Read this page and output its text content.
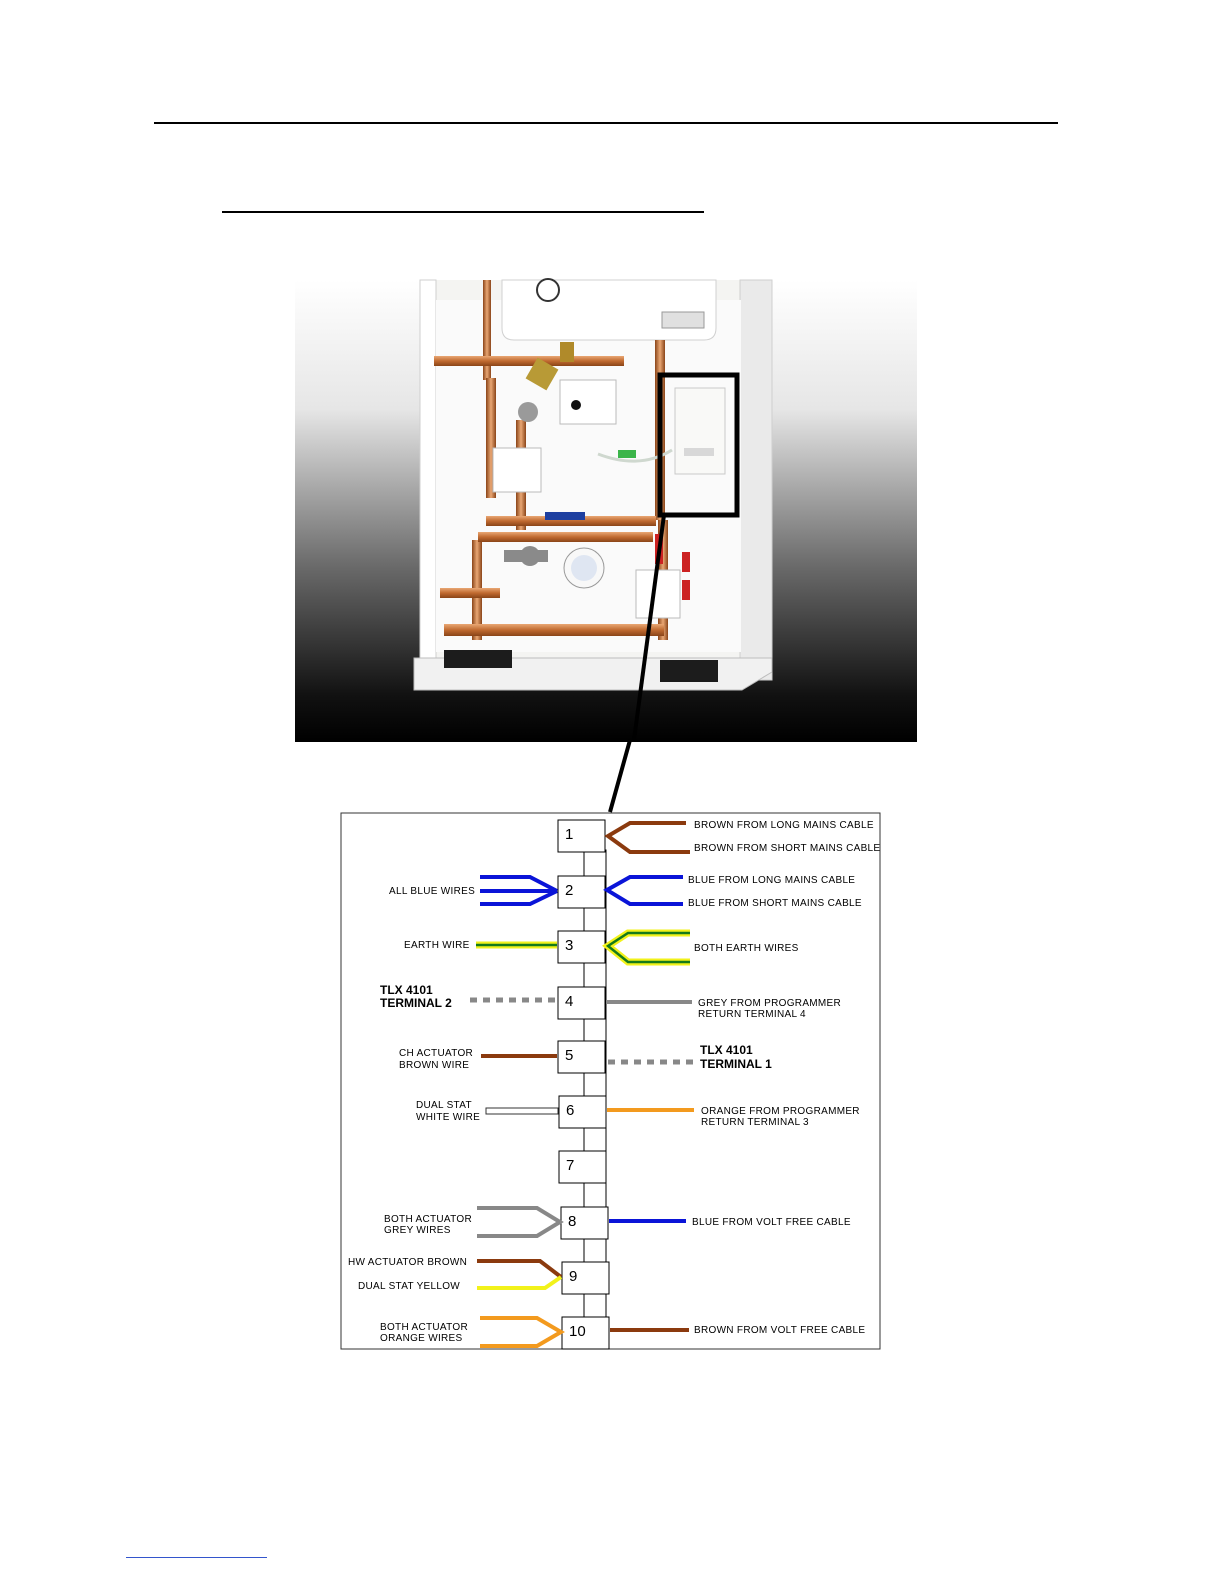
1
2
3
4
5
6
7
8
9
10
BROWN FROM LONG MAINS CABLE
BROWN FROM SHORT MAINS CABLE
ALL BLUE WIRES
BLUE FROM LONG MAINS CABLE
BLUE FROM SHORT MAINS CABLE
EARTH WIRE	BOTH EARTH WIRES
TLX 4101
TERMINAL 2	GREY FROM PROGRAMMER
RETURN TERMINAL 4
CH ACTUATOR
BROWN WIRE
TLX 4101
TERMINAL 1
DUAL STAT
WHITE WIRE
ORANGE FROM PROGRAMMER
RETURN TERMINAL 3
BOTH ACTUATOR
GREY WIRES
BLUE FROM VOLT FREE CABLE
HW ACTUATOR BROWN
DUAL STAT YELLOW
BOTH ACTUATOR
ORANGE WIRES
BROWN FROM VOLT FREE CABLE
